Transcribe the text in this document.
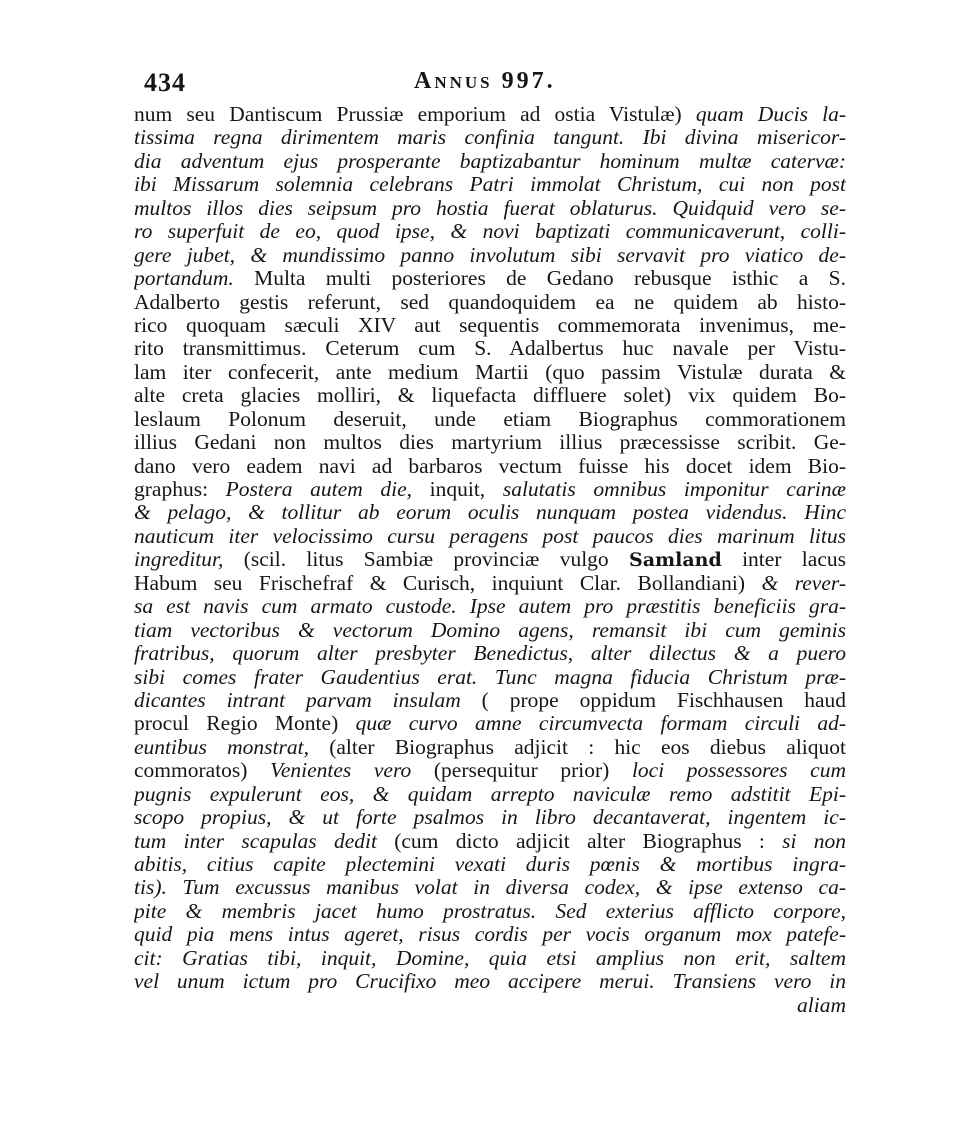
434	Annus 997.
num seu Dantiscum Prussiæ emporium ad ostia Vistulæ) quam Ducis la-
tissima regna dirimentem maris confinia tangunt. Ibi divina misericor-
dia adventum ejus prosperante baptizabantur hominum multæ catervæ:
ibi Missarum solemnia celebrans Patri immolat Christum, cui non post
multos illos dies seipsum pro hostia fuerat oblaturus. Quidquid vero se-
ro superfuit de eo, quod ipse, & novi baptizati communicaverunt, colli-
gere jubet, & mundissimo panno involutum sibi servavit pro viatico de-
portandum. Multa multi posteriores de Gedano rebusque isthic a S.
Adalberto gestis referunt, sed quandoquidem ea ne quidem ab histo-
rico quoquam sæculi XIV aut sequentis commemorata invenimus, me-
rito transmittimus. Ceterum cum S. Adalbertus huc navale per Vistu-
lam iter confecerit, ante medium Martii (quo passim Vistulæ durata &
alte creta glacies molliri, & liquefacta diffluere solet) vix quidem Bo-
leslaum Polonum deseruit, unde etiam Biographus commorationem
illius Gedani non multos dies martyrium illius præcessisse scribit. Ge-
dano vero eadem navi ad barbaros vectum fuisse his docet idem Bio-
graphus: Postera autem die, inquit, salutatis omnibus imponitur carinæ
& pelago, & tollitur ab eorum oculis nunquam postea videndus. Hinc
nauticum iter velocissimo cursu peragens post paucos dies marinum litus
ingreditur, (scil. litus Sambiæ provinciæ vulgo Samland inter lacus
Habum seu Frischefraf & Curisch, inquiunt Clar. Bollandiani) & rever-
sa est navis cum armato custode. Ipse autem pro præstitis beneficiis gra-
tiam vectoribus & vectorum Domino agens, remansit ibi cum geminis
fratribus, quorum alter presbyter Benedictus, alter dilectus & a puero
sibi comes frater Gaudentius erat. Tunc magna fiducia Christum præ-
dicantes intrant parvam insulam ( prope oppidum Fischhausen haud
procul Regio Monte) quæ curvo amne circumvecta formam circuli ad-
euntibus monstrat, (alter Biographus adjicit : hic eos diebus aliquot
commoratos) Venientes vero (persequitur prior) loci possessores cum
pugnis expulerunt eos, & quidam arrepto naviculæ remo adstitit Epi-
scopo propius, & ut forte psalmos in libro decantaverat, ingentem ic-
tum inter scapulas dedit (cum dicto adjicit alter Biographus : si non
abitis, citius capite plectemini vexati duris pœnis & mortibus ingra-
tis). Tum excussus manibus volat in diversa codex, & ipse extenso ca-
pite & membris jacet humo prostratus. Sed exterius afflicto corpore,
quid pia mens intus ageret, risus cordis per vocis organum mox patefe-
cit: Gratias tibi, inquit, Domine, quia etsi amplius non erit, saltem
vel unum ictum pro Crucifixo meo accipere merui. Transiens vero in
aliam
